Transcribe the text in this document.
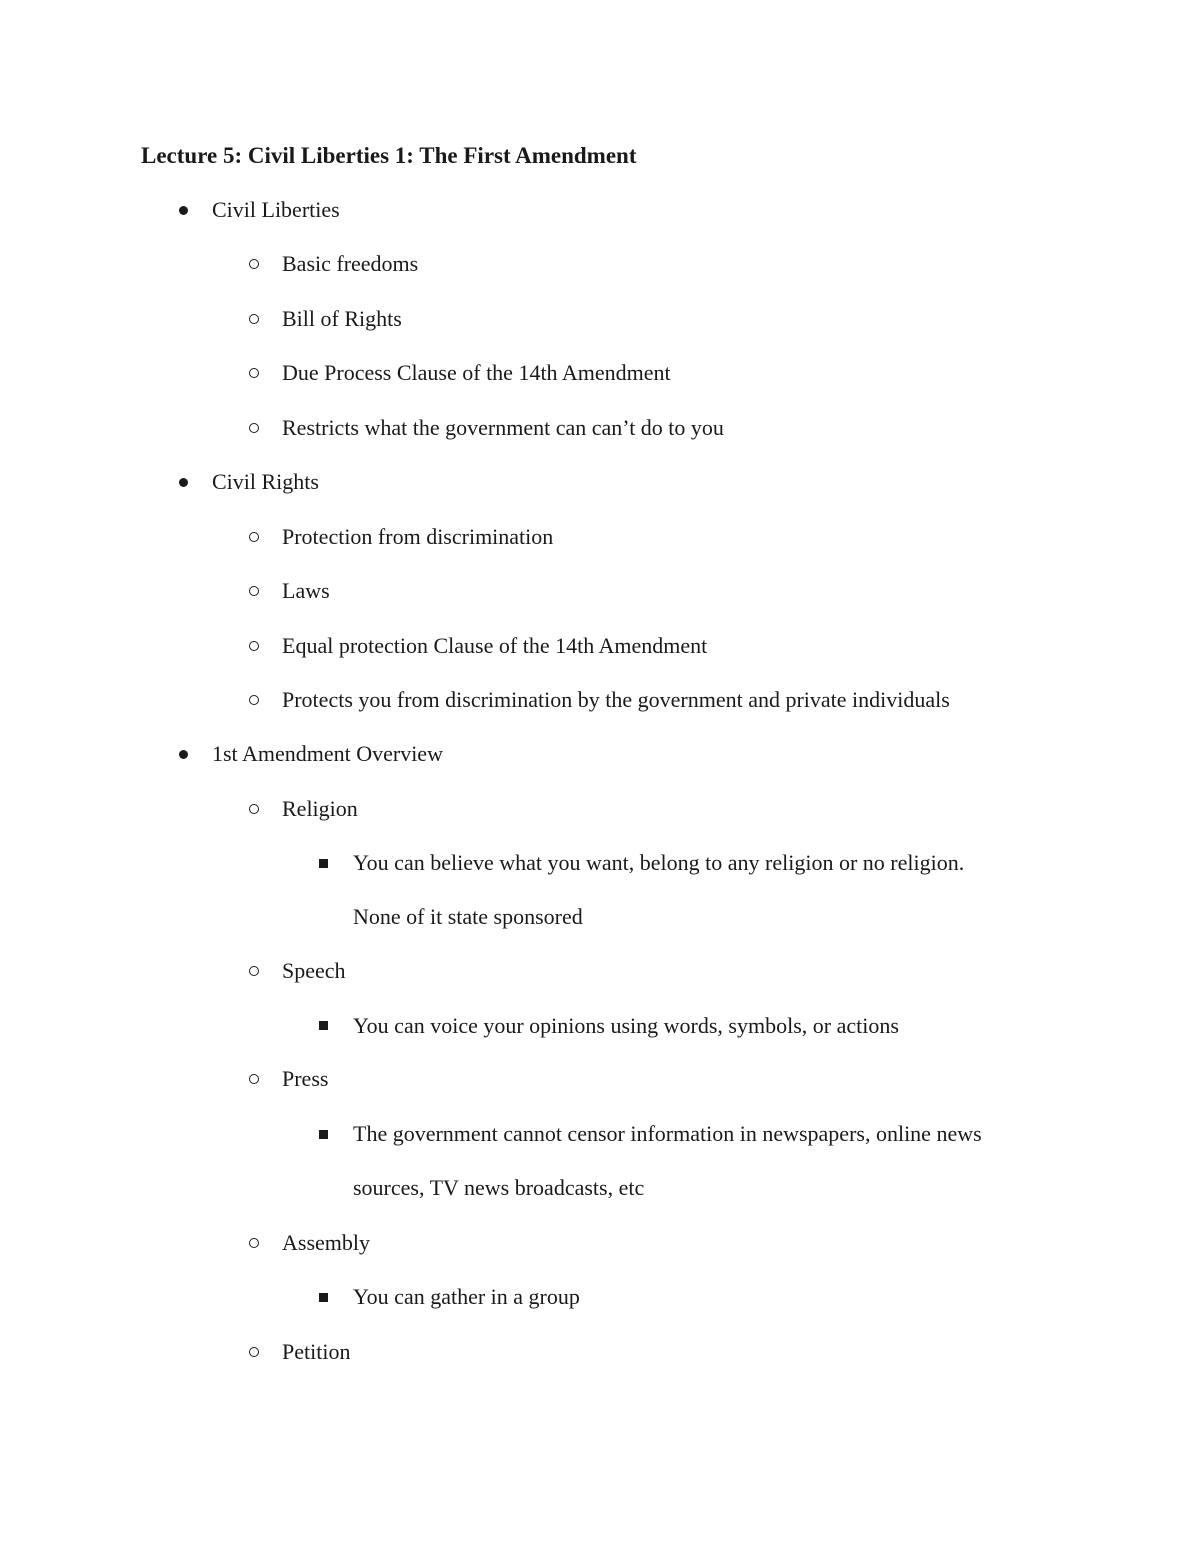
Lecture 5: Civil Liberties 1: The First Amendment
Civil Liberties
Basic freedoms
Bill of Rights
Due Process Clause of the 14th Amendment
Restricts what the government can can’t do to you
Civil Rights
Protection from discrimination
Laws
Equal protection Clause of the 14th Amendment
Protects you from discrimination by the government and private individuals
1st Amendment Overview
Religion
You can believe what you want, belong to any religion or no religion.
None of it state sponsored
Speech
You can voice your opinions using words, symbols, or actions
Press
The government cannot censor information in newspapers, online news
sources, TV news broadcasts, etc
Assembly
You can gather in a group
Petition
